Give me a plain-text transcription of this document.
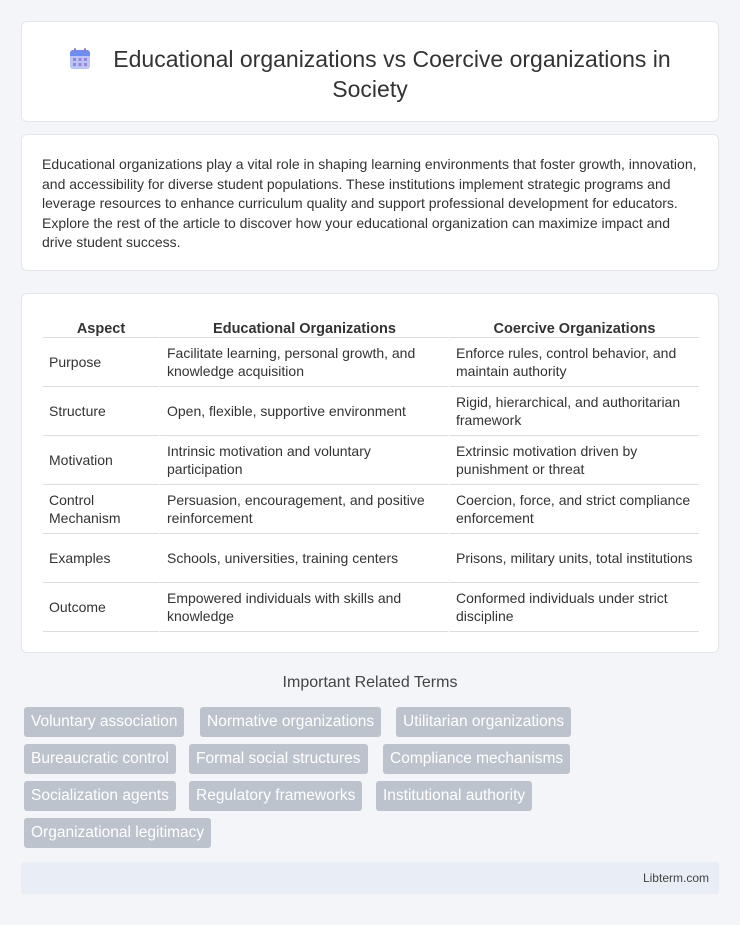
Educational organizations vs Coercive organizations in Society

Educational organizations play a vital role in shaping learning environments that foster growth, innovation, and accessibility for diverse student populations. These institutions implement strategic programs and leverage resources to enhance curriculum quality and support professional development for educators. Explore the rest of the article to discover how your educational organization can maximize impact and drive student success.

Aspect	Educational Organizations	Coercive Organizations
Purpose	Facilitate learning, personal growth, and knowledge acquisition	Enforce rules, control behavior, and maintain authority
Structure	Open, flexible, supportive environment	Rigid, hierarchical, and authoritarian framework
Motivation	Intrinsic motivation and voluntary participation	Extrinsic motivation driven by punishment or threat
Control Mechanism	Persuasion, encouragement, and positive reinforcement	Coercion, force, and strict compliance enforcement
Examples	Schools, universities, training centers	Prisons, military units, total institutions
Outcome	Empowered individuals with skills and knowledge	Conformed individuals under strict discipline
Important Related Terms
Voluntary association	Normative organizations	Utilitarian organizations
Bureaucratic control	Formal social structures	Compliance mechanisms
Socialization agents	Regulatory frameworks	Institutional authority
Organizational legitimacy
Libterm.com
